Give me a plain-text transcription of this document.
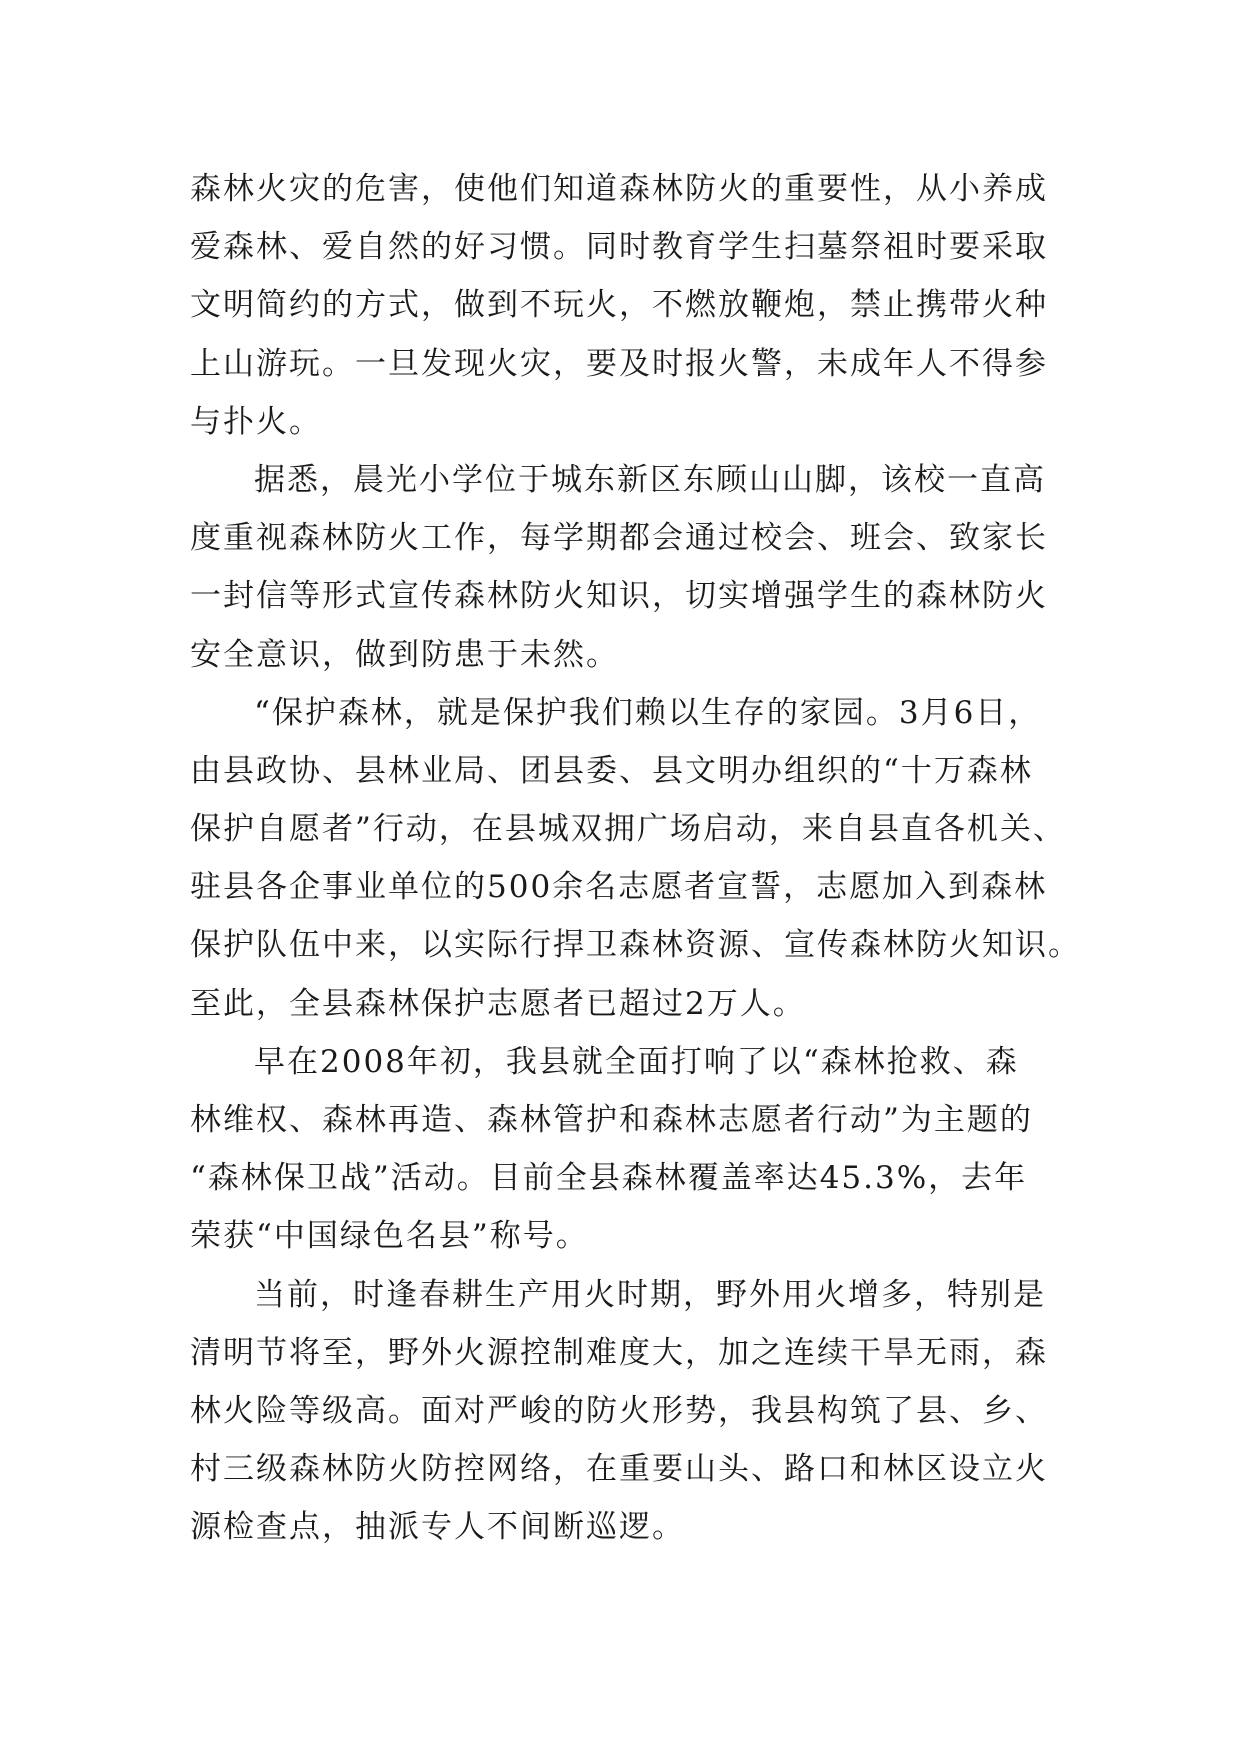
森林火灾的危害，使他们知道森林防火的重要性，从小养成
爱森林、爱自然的好习惯。同时教育学生扫墓祭祖时要采取
文明简约的方式，做到不玩火，不燃放鞭炮，禁止携带火种
上山游玩。一旦发现火灾，要及时报火警，未成年人不得参
与扑火。
据悉，晨光小学位于城东新区东顾山山脚，该校一直高
度重视森林防火工作，每学期都会通过校会、班会、致家长
一封信等形式宣传森林防火知识，切实增强学生的森林防火
安全意识，做到防患于未然。
“保护森林，就是保护我们赖以生存的家园。3月6日，
由县政协、县林业局、团县委、县文明办组织的“十万森林
保护自愿者”行动，在县城双拥广场启动，来自县直各机关、
驻县各企事业单位的500余名志愿者宣誓，志愿加入到森林
保护队伍中来，以实际行捍卫森林资源、宣传森林防火知识。
至此，全县森林保护志愿者已超过2万人。
早在2008年初，我县就全面打响了以“森林抢救、森
林维权、森林再造、森林管护和森林志愿者行动”为主题的
“森林保卫战”活动。目前全县森林覆盖率达45.3%，去年
荣获“中国绿色名县”称号。
当前，时逢春耕生产用火时期，野外用火增多，特别是
清明节将至，野外火源控制难度大，加之连续干旱无雨，森
林火险等级高。面对严峻的防火形势，我县构筑了县、乡、
村三级森林防火防控网络，在重要山头、路口和林区设立火
源检查点，抽派专人不间断巡逻。
